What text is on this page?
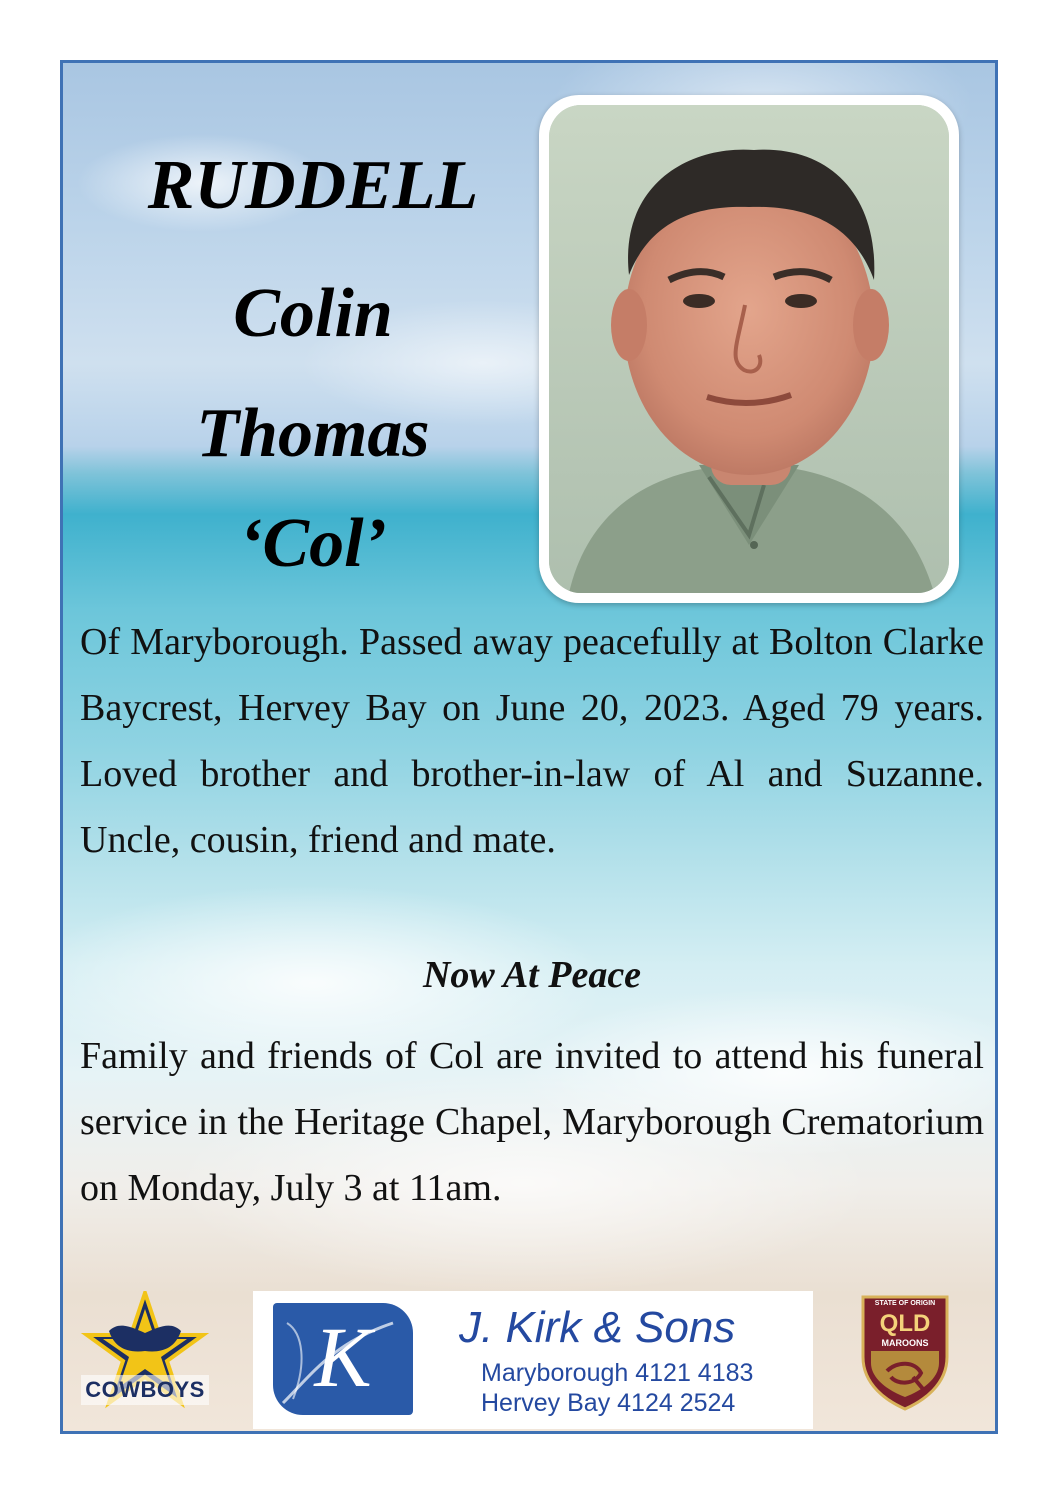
RUDDELL
Colin
Thomas
‘Col’

Of Maryborough. Passed away peacefully at Bolton Clarke Baycrest, Hervey Bay on June 20, 2023. Aged 79 years. Loved brother and brother-in-law of Al and Suzanne. Uncle, cousin, friend and mate.

Now At Peace

Family and friends of Col are invited to attend his funeral service in the Heritage Chapel, Maryborough Crematorium on Monday, July 3 at 11am.

COWBOYS	K	J. Kirk & Sons
Maryborough 4121 4183
Hervey Bay 4124 2524
STATE OF ORIGIN
QLD
MAROONS
